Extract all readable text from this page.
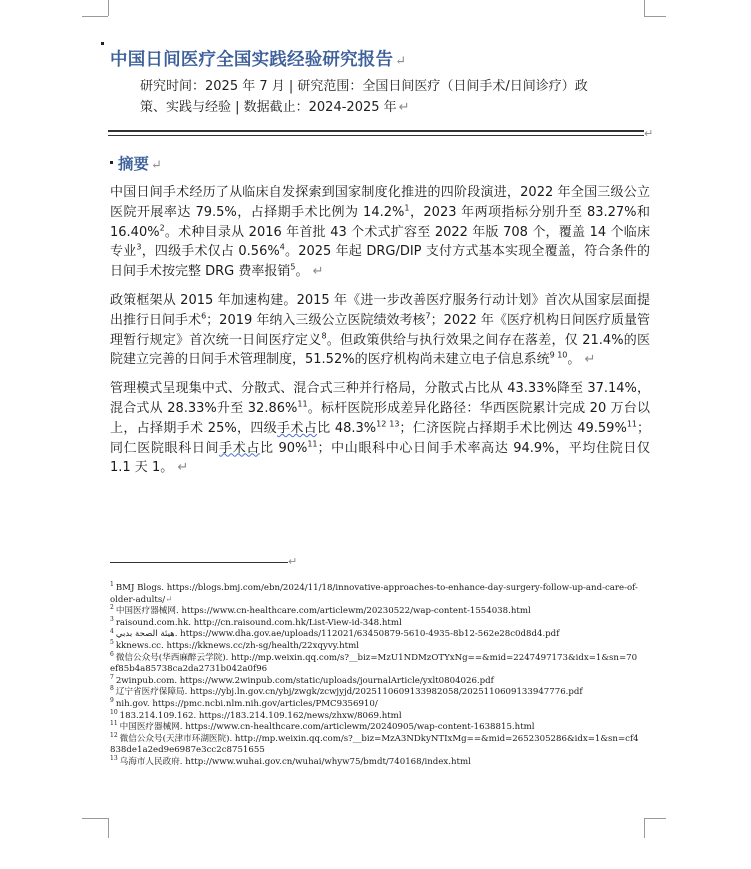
中国日间医疗全国实践经验研究报告 ↵
研究时间：2025 年 7 月 | 研究范围：全国日间医疗（日间手术/日间诊疗）政策、实践与经验 | 数据截止：2024-2025 年 ↵
↵
摘要 ↵

中国日间手术经历了从临床自发探索到国家制度化推进的四阶段演进，2022 年全国三级公立医院开展率达 79.5%，占择期手术比例为 14.2%$^1$，2023 年两项指标分别升至 83.27%和 16.40%$^2$。术种目录从 2016 年首批 43 个术式扩容至 2022 年版 708 个，覆盖 14 个临床专业$^3$，四级手术仅占 0.56%$^4$。2025 年起 DRG/DIP 支付方式基本实现全覆盖，符合条件的日间手术按完整 DRG 费率报销$^5$。 ↵

政策框架从 2015 年加速构建。2015 年《进一步改善医疗服务行动计划》首次从国家层面提出推行日间手术$^6$；2019 年纳入三级公立医院绩效考核$^7$；2022 年《医疗机构日间医疗质量管理暂行规定》首次统一日间医疗定义$^8$。但政策供给与执行效果之间存在落差，仅 21.4%的医院建立完善的日间手术管理制度，51.52%的医疗机构尚未建立电子信息系统$^{9 10}$。 ↵

管理模式呈现集中式、分散式、混合式三种并行格局，分散式占比从 43.33%降至 37.14%，混合式从 28.33%升至 32.86%$^{11}$。标杆医院形成差异化路径：华西医院累计完成 20 万台以上，占择期手术 25%，四级手术占比 48.3%$^{12 13}$；仁济医院占择期手术比例达 49.59%$^{11}$；同仁医院眼科日间手术占比 90%$^{11}$；中山眼科中心日间手术率高达 94.9%，平均住院日仅 1.1 天 1。 ↵

↵
$^1$ BMJ Blogs. https://blogs.bmj.com/ebn/2024/11/18/innovative-approaches-to-enhance-day-surgery-follow-up-and-care-of-older-adults/↵
$^2$ 中国医疗器械网. https://www.cn-healthcare.com/articlewm/20230522/wap-content-1554038.html
$^3$ raisound.com.hk. http://cn.raisound.com.hk/List-View-id-348.html
$^4$ هيئة الصحة بدبي. https://www.dha.gov.ae/uploads/112021/63450879-5610-4935-8b12-562e28c0d8d4.pdf
$^5$ kknews.cc. https://kknews.cc/zh-sg/health/22xqyvy.html
$^6$ 微信公众号(华西麻醉云学院). http://mp.weixin.qq.com/s?__biz=MzU1NDMzOTYxNg==&mid=2247497173&idx=1&sn=70ef85b4a85738ca2da2731b042a0f96
$^7$ 2winpub.com. https://www.2winpub.com/static/uploads/journalArticle/yxlt0804026.pdf
$^8$ 辽宁省医疗保障局. https://ybj.ln.gov.cn/ybj/zwgk/zcwjyjd/2025110609133982058/2025110609133947776.pdf
$^9$ nih.gov. https://pmc.ncbi.nlm.nih.gov/articles/PMC9356910/
$^{10}$ 183.214.109.162. https://183.214.109.162/news/zhxw/8069.html
$^{11}$ 中国医疗器械网. https://www.cn-healthcare.com/articlewm/20240905/wap-content-1638815.html
$^{12}$ 微信公众号(天津市环湖医院). http://mp.weixin.qq.com/s?__biz=MzA3NDkyNTIxMg==&mid=2652305286&idx=1&sn=cf4838de1a2ed9e6987e3cc2c8751655
$^{13}$ 乌海市人民政府. http://www.wuhai.gov.cn/wuhai/whyw75/bmdt/740168/index.html
